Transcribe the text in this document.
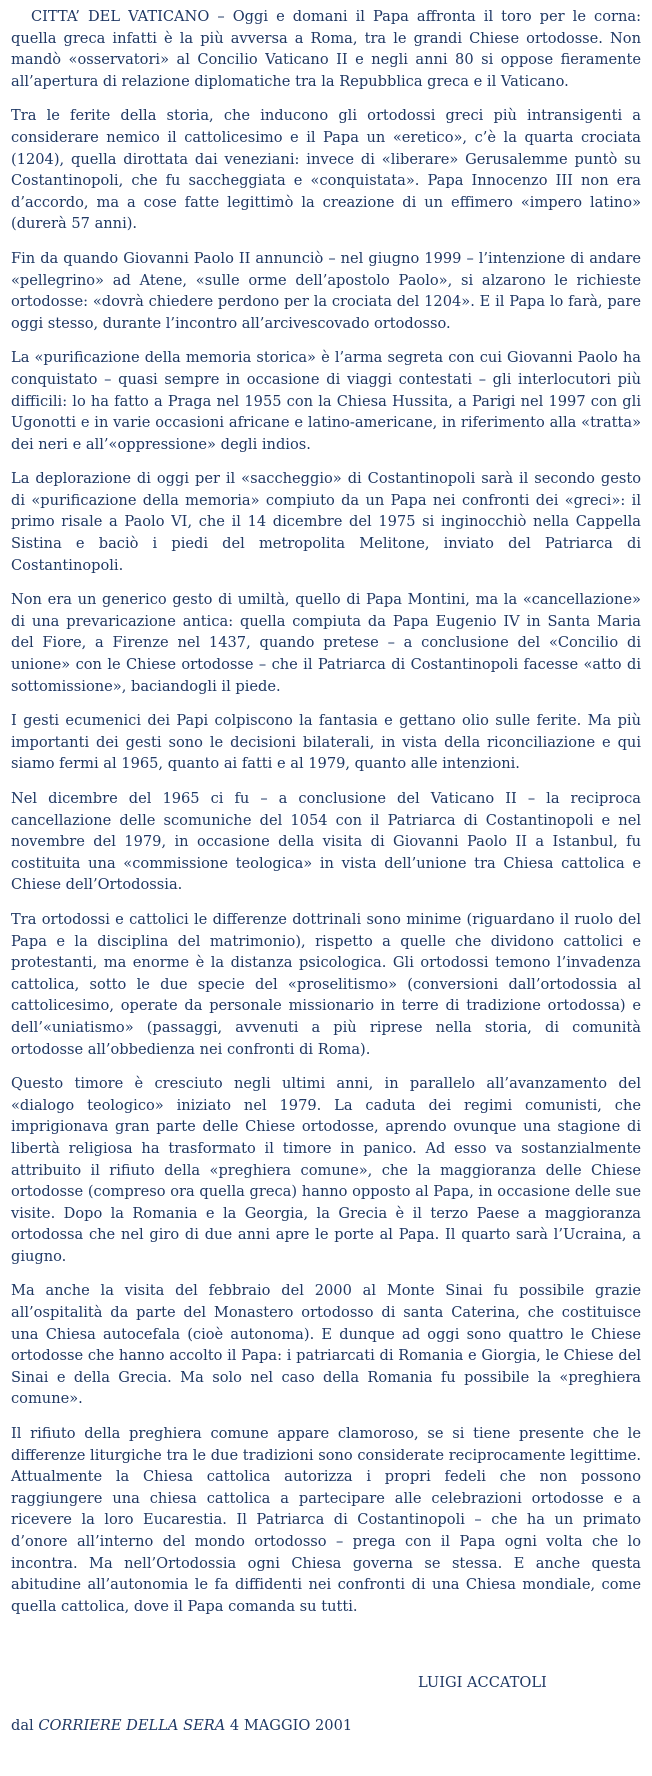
CITTA’ DEL VATICANO – Oggi e domani il Papa affronta il toro per le corna: quella greca infatti è la più avversa a Roma, tra le grandi Chiese ortodosse. Non mandò «osservatori» al Concilio Vaticano II e negli anni 80 si oppose fieramente all’apertura di relazione diplomatiche tra la Repubblica greca e il Vaticano.

Tra le ferite della storia, che inducono gli ortodossi greci più intransigenti a considerare nemico il cattolicesimo e il Papa un «eretico», c’è la quarta crociata (1204), quella dirottata dai veneziani: invece di «liberare» Gerusalemme puntò su Costantinopoli, che fu saccheggiata e «conquistata». Papa Innocenzo III non era d’accordo, ma a cose fatte legittimò la creazione di un effimero «impero latino» (durerà 57 anni).

Fin da quando Giovanni Paolo II annunciò – nel giugno 1999 – l’intenzione di andare «pellegrino» ad Atene, «sulle orme dell’apostolo Paolo», si alzarono le richieste ortodosse: «dovrà chiedere perdono per la crociata del 1204». E il Papa lo farà, pare oggi stesso, durante l’incontro all’arcivescovado ortodosso.

La «purificazione della memoria storica» è l’arma segreta con cui Giovanni Paolo ha conquistato – quasi sempre in occasione di viaggi contestati – gli interlocutori più difficili: lo ha fatto a Praga nel 1955 con la Chiesa Hussita, a Parigi nel 1997 con gli Ugonotti e in varie occasioni africane e latino-americane, in riferimento alla «tratta» dei neri e all’«oppressione» degli indios.

La deplorazione di oggi per il «saccheggio» di Costantinopoli sarà il secondo gesto di «purificazione della memoria» compiuto da un Papa nei confronti dei «greci»: il primo risale a Paolo VI, che il 14 dicembre del 1975 si inginocchiò nella Cappella Sistina e baciò i piedi del metropolita Melitone, inviato del Patriarca di Costantinopoli.

Non era un generico gesto di umiltà, quello di Papa Montini, ma la «cancellazione» di una prevaricazione antica: quella compiuta da Papa Eugenio IV in Santa Maria del Fiore, a Firenze nel 1437, quando pretese – a conclusione del «Concilio di unione» con le Chiese ortodosse – che il Patriarca di Costantinopoli facesse «atto di sottomissione», baciandogli il piede.

I gesti ecumenici dei Papi colpiscono la fantasia e gettano olio sulle ferite. Ma più importanti dei gesti sono le decisioni bilaterali, in vista della riconciliazione e qui siamo fermi al 1965, quanto ai fatti e al 1979, quanto alle intenzioni.

Nel dicembre del 1965 ci fu – a conclusione del Vaticano II – la reciproca cancellazione delle scomuniche del 1054 con il Patriarca di Costantinopoli e nel novembre del 1979, in occasione della visita di Giovanni Paolo II a Istanbul, fu costituita una «commissione teologica» in vista dell’unione tra Chiesa cattolica e Chiese dell’Ortodossia.

Tra ortodossi e cattolici le differenze dottrinali sono minime (riguardano il ruolo del Papa e la disciplina del matrimonio), rispetto a quelle che dividono cattolici e protestanti, ma enorme è la distanza psicologica. Gli ortodossi temono l’invadenza cattolica, sotto le due specie del «proselitismo» (conversioni dall’ortodossia al cattolicesimo, operate da personale missionario in terre di tradizione ortodossa) e dell’«uniatismo» (passaggi, avvenuti a più riprese nella storia, di comunità ortodosse all’obbedienza nei confronti di Roma).

Questo timore è cresciuto negli ultimi anni, in parallelo all’avanzamento del «dialogo teologico» iniziato nel 1979. La caduta dei regimi comunisti, che imprigionava gran parte delle Chiese ortodosse, aprendo ovunque una stagione di libertà religiosa ha trasformato il timore in panico. Ad esso va sostanzialmente attribuito il rifiuto della «preghiera comune», che la maggioranza delle Chiese ortodosse (compreso ora quella greca) hanno opposto al Papa, in occasione delle sue visite. Dopo la Romania e la Georgia, la Grecia è il terzo Paese a maggioranza ortodossa che nel giro di due anni apre le porte al Papa. Il quarto sarà l’Ucraina, a giugno.

Ma anche la visita del febbraio del 2000 al Monte Sinai fu possibile grazie all’ospitalità da parte del Monastero ortodosso di santa Caterina, che costituisce una Chiesa autocefala (cioè autonoma). E dunque ad oggi sono quattro le Chiese ortodosse che hanno accolto il Papa: i patriarcati di Romania e Giorgia, le Chiese del Sinai e della Grecia. Ma solo nel caso della Romania fu possibile la «preghiera comune».

Il rifiuto della preghiera comune appare clamoroso, se si tiene presente che le differenze liturgiche tra le due tradizioni sono considerate reciprocamente legittime. Attualmente la Chiesa cattolica autorizza i propri fedeli che non possono raggiungere una chiesa cattolica a partecipare alle celebrazioni ortodosse e a ricevere la loro Eucarestia. Il Patriarca di Costantinopoli – che ha un primato d’onore all’interno del mondo ortodosso – prega con il Papa ogni volta che lo incontra. Ma nell’Ortodossia ogni Chiesa governa se stessa. E anche questa abitudine all’autonomia le fa diffidenti nei confronti di una Chiesa mondiale, come quella cattolica, dove il Papa comanda su tutti.

LUIGI ACCATOLI

dal CORRIERE DELLA SERA 4 MAGGIO 2001
